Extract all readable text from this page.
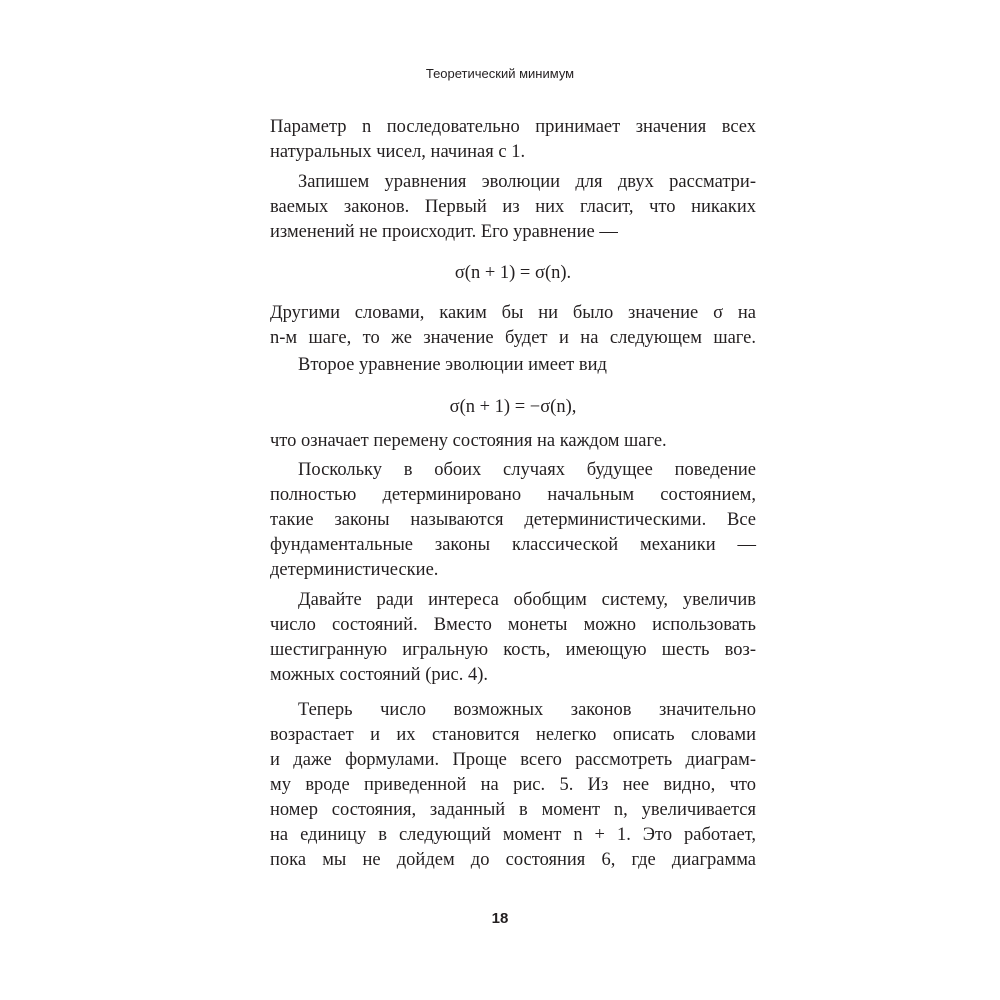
Теоретический минимум
Параметр n последовательно принимает значения всех
натуральных чисел, начиная с 1.
Запишем уравнения эволюции для двух рассматри-
ваемых законов. Первый из них гласит, что никаких
изменений не происходит. Его уравнение —
σ(n + 1) = σ(n).
Другими словами, каким бы ни было значение σ на
n-м шаге, то же значение будет и на следующем шаге.
Второе уравнение эволюции имеет вид
σ(n + 1) = −σ(n),
что означает перемену состояния на каждом шаге.
Поскольку в обоих случаях будущее поведение
полностью детерминировано начальным состоянием,
такие законы называются детерминистическими. Все
фундаментальные законы классической механики —
детерминистические.
Давайте ради интереса обобщим систему, увеличив
число состояний. Вместо монеты можно использовать
шестигранную игральную кость, имеющую шесть воз-
можных состояний (рис. 4).
Теперь число возможных законов значительно
возрастает и их становится нелегко описать словами
и даже формулами. Проще всего рассмотреть диаграм-
му вроде приведенной на рис. 5. Из нее видно, что
номер состояния, заданный в момент n, увеличивается
на единицу в следующий момент n + 1. Это работает,
пока мы не дойдем до состояния 6, где диаграмма
18
